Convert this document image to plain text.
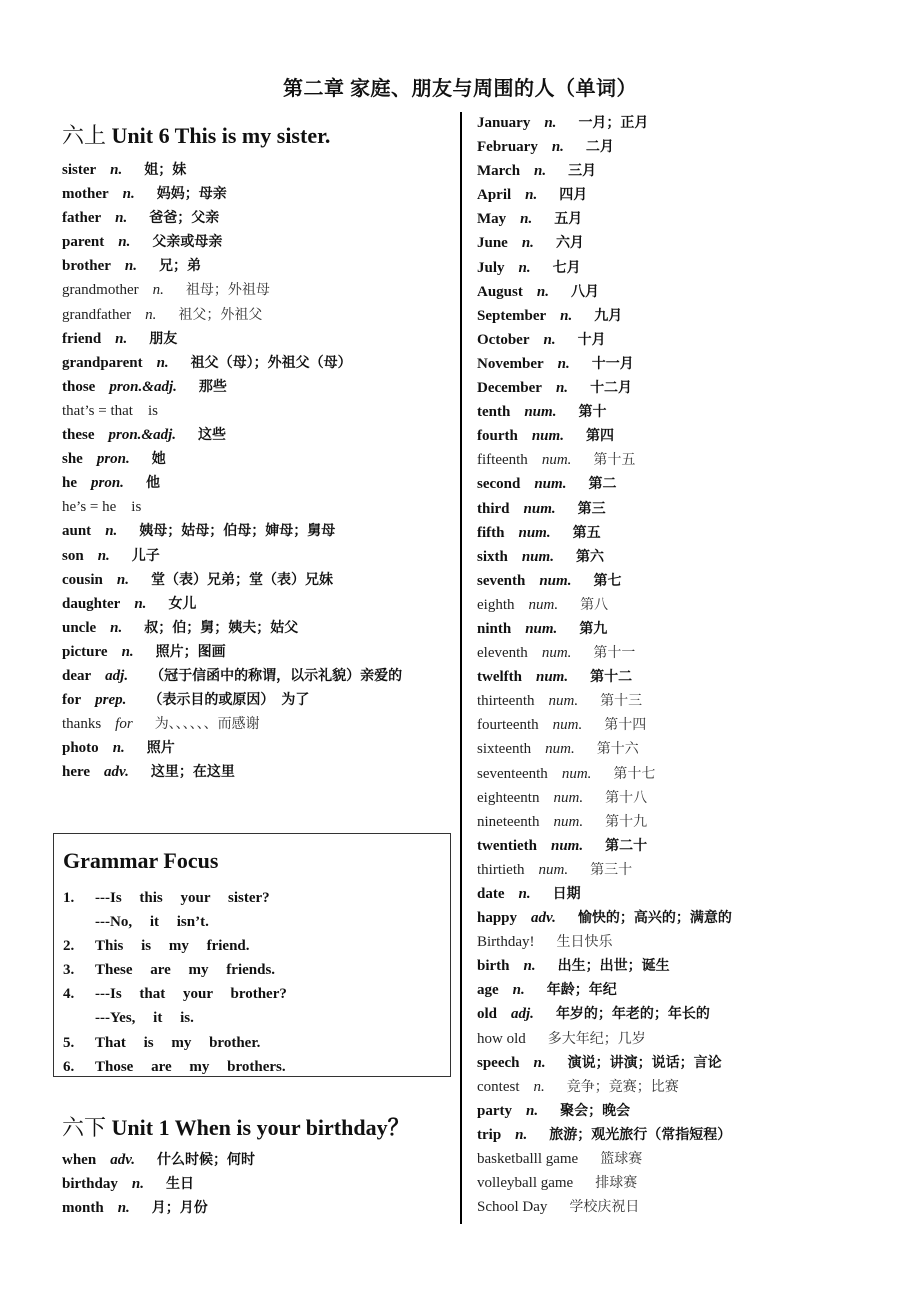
第二章 家庭、朋友与周围的人（单词）
六上 Unit 6 This is my sister.
sister n. 姐；妹
mother n. 妈妈；母亲
father n. 爸爸；父亲
parent n. 父亲或母亲
brother n. 兄；弟
grandmother n. 祖母；外祖母
grandfather n. 祖父；外祖父
friend n. 朋友
grandparent n. 祖父（母）；外祖父（母）
those pron.&adj. 那些
that’s = that　is
these pron.&adj. 这些
she pron. 她
he pron. 他
he’s = he　is
aunt n. 姨母；姑母；伯母；婶母；舅母
son n. 儿子
cousin n. 堂（表）兄弟；堂（表）兄妹
daughter n. 女儿
uncle n. 叔；伯；舅；姨夫；姑父
picture n. 照片；图画
dear adj. （冠于信函中的称谓，以示礼貌）亲爱的
for prep. （表示目的或原因）　为了
thanks for 为、、、、、、而感谢
photo n. 照片
here adv. 这里；在这里
Grammar Focus
1. ---Is this your sister?
---No, it isn’t.
2. This is my friend.
3. These are my friends.
4. ---Is that your brother?
---Yes, it is.
5. That is my brother.
6. Those are my brothers.
六下 Unit 1 When is your birthday？
when adv. 什么时候；何时
birthday n. 生日
month n. 月；月份
January n. 一月；正月
February n. 二月
March n. 三月
April n. 四月
May n. 五月
June n. 六月
July n. 七月
August n. 八月
September n. 九月
October n. 十月
November n. 十一月
December n. 十二月
tenth num. 第十
fourth num. 第四
fifteenth num. 第十五
second num. 第二
third num. 第三
fifth num. 第五
sixth num. 第六
seventh num. 第七
eighth num. 第八
ninth num. 第九
eleventh num. 第十一
twelfth num. 第十二
thirteenth num. 第十三
fourteenth num. 第十四
sixteenth num. 第十六
seventeenth num. 第十七
eighteentn num. 第十八
nineteenth num. 第十九
twentieth num. 第二十
thirtieth num. 第三十
date n. 日期
happy adv. 愉快的；高兴的；满意的
Birthday! 生日快乐
birth n. 出生；出世；诞生
age n. 年龄；年纪
old adj. 年岁的；年老的；年长的
how old 多大年纪；几岁
speech n. 演说；讲演；说话；言论
contest n. 竞争；竞赛；比赛
party n. 聚会；晚会
trip n. 旅游；观光旅行（常指短程）
basketballl game 篮球赛
volleyball game 排球赛
School Day 学校庆祝日
